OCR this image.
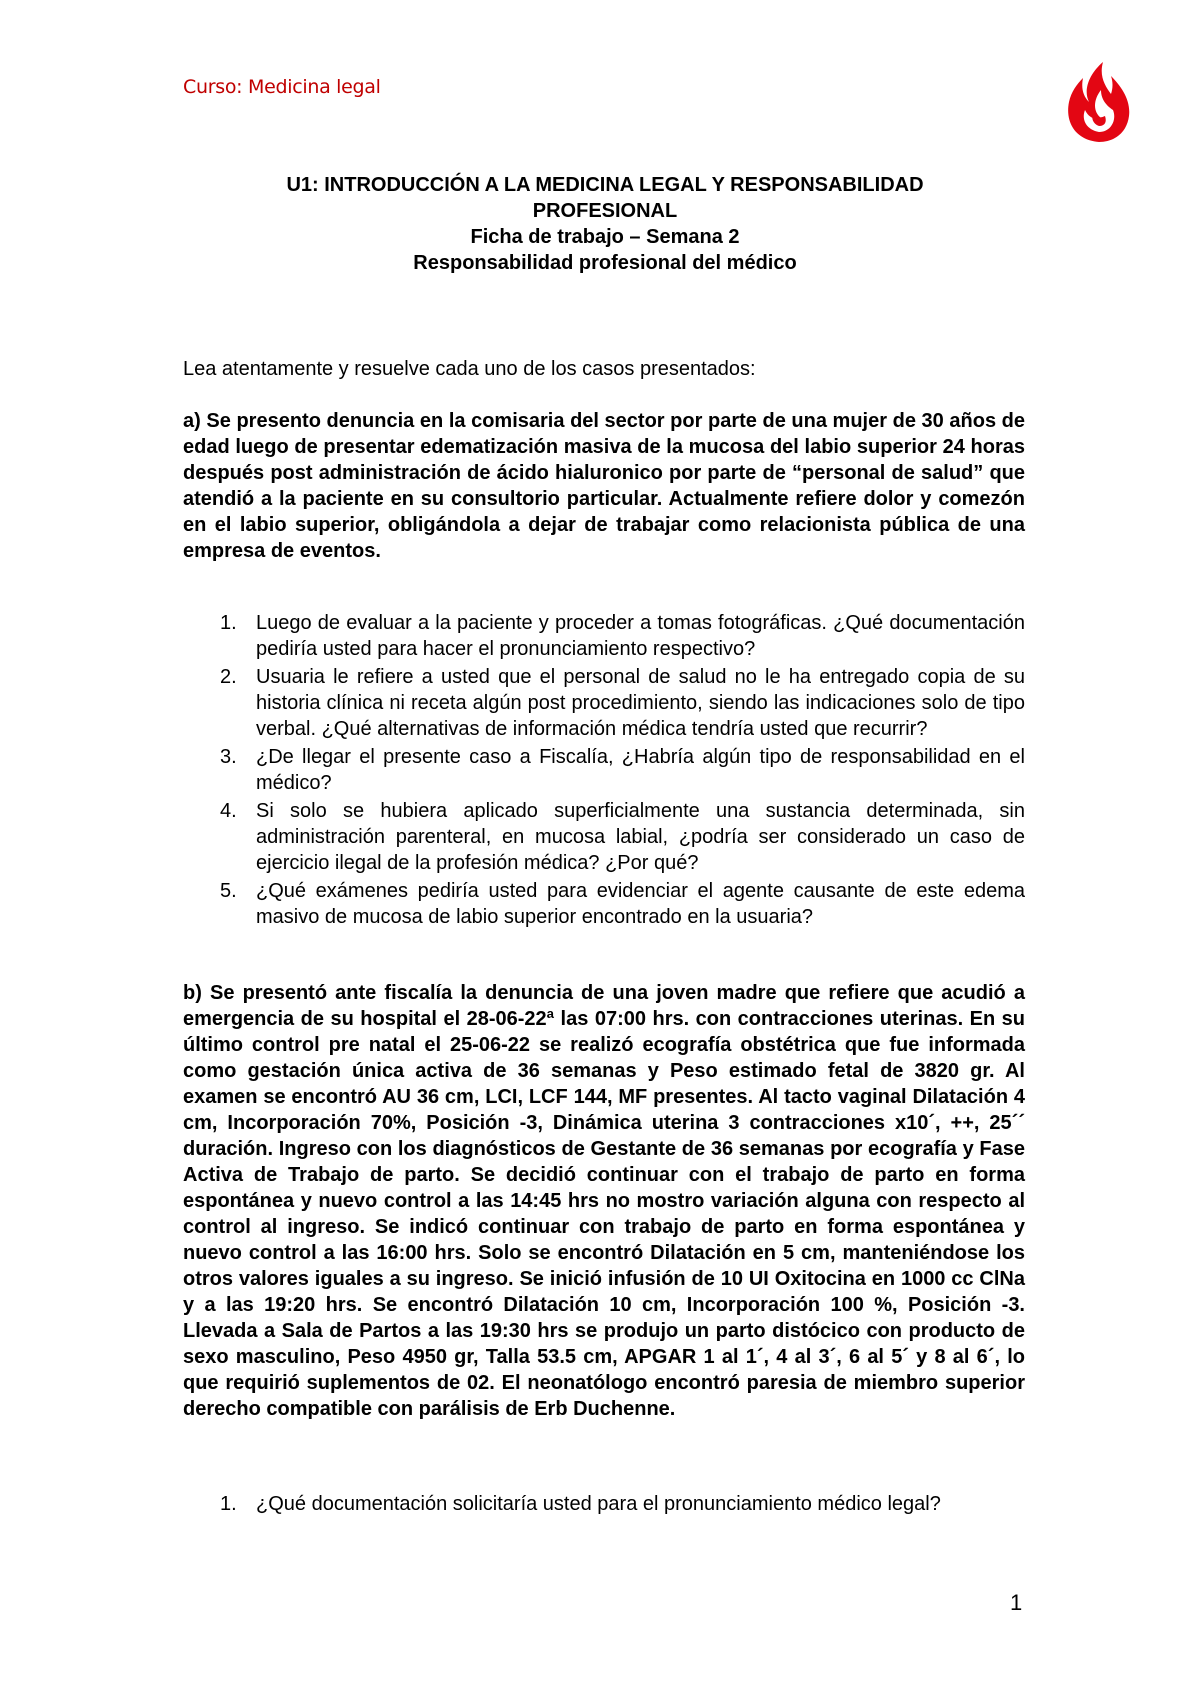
Curso: Medicina legal
U1: INTRODUCCIÓN A LA MEDICINA LEGAL Y RESPONSABILIDAD
PROFESIONAL
Ficha de trabajo – Semana 2
Responsabilidad profesional del médico
Lea atentamente y resuelve cada uno de los casos presentados:
a) Se presento denuncia en la comisaria del sector por parte de una mujer de 30 años de edad luego de presentar edematización masiva de la mucosa del labio superior 24 horas después post administración de ácido hialuronico por parte de “personal de salud” que atendió a la paciente en su consultorio particular. Actualmente refiere dolor y comezón en el labio superior, obligándola a dejar de trabajar como relacionista pública de una empresa de eventos.
1. Luego de evaluar a la paciente y proceder a tomas fotográficas. ¿Qué documentación pediría usted para hacer el pronunciamiento respectivo?
2. Usuaria le refiere a usted que el personal de salud no le ha entregado copia de su historia clínica ni receta algún post procedimiento, siendo las indicaciones solo de tipo verbal. ¿Qué alternativas de información médica tendría usted que recurrir?
3. ¿De llegar el presente caso a Fiscalía, ¿Habría algún tipo de responsabilidad en el médico?
4. Si solo se hubiera aplicado superficialmente una sustancia determinada, sin administración parenteral, en mucosa labial, ¿podría ser considerado un caso de ejercicio ilegal de la profesión médica? ¿Por qué?
5. ¿Qué exámenes pediría usted para evidenciar el agente causante de este edema masivo de mucosa de labio superior encontrado en la usuaria?
b) Se presentó ante fiscalía la denuncia de una joven madre que refiere que acudió a emergencia de su hospital el 28-06-22ª las 07:00 hrs. con contracciones uterinas. En su último control pre natal el 25-06-22 se realizó ecografía obstétrica que fue informada como gestación única activa de 36 semanas y Peso estimado fetal de 3820 gr. Al examen se encontró AU 36 cm, LCI, LCF 144, MF presentes. Al tacto vaginal Dilatación 4 cm, Incorporación 70%, Posición -3, Dinámica uterina 3 contracciones x10´, ++, 25´´ duración. Ingreso con los diagnósticos de Gestante de 36 semanas por ecografía y Fase Activa de Trabajo de parto. Se decidió continuar con el trabajo de parto en forma espontánea y nuevo control a las 14:45 hrs no mostro variación alguna con respecto al control al ingreso. Se indicó continuar con trabajo de parto en forma espontánea y nuevo control a las 16:00 hrs. Solo se encontró Dilatación en 5 cm, manteniéndose los otros valores iguales a su ingreso. Se inició infusión de 10 UI Oxitocina en 1000 cc ClNa y a las 19:20 hrs. Se encontró Dilatación 10 cm, Incorporación 100 %, Posición -3. Llevada a Sala de Partos a las 19:30 hrs se produjo un parto distócico con producto de sexo masculino, Peso 4950 gr, Talla 53.5 cm, APGAR 1 al 1´, 4 al 3´, 6 al 5´ y 8 al 6´, lo que requirió suplementos de 02. El neonatólogo encontró paresia de miembro superior derecho compatible con parálisis de Erb Duchenne.
1. ¿Qué documentación solicitaría usted para el pronunciamiento médico legal?
1
